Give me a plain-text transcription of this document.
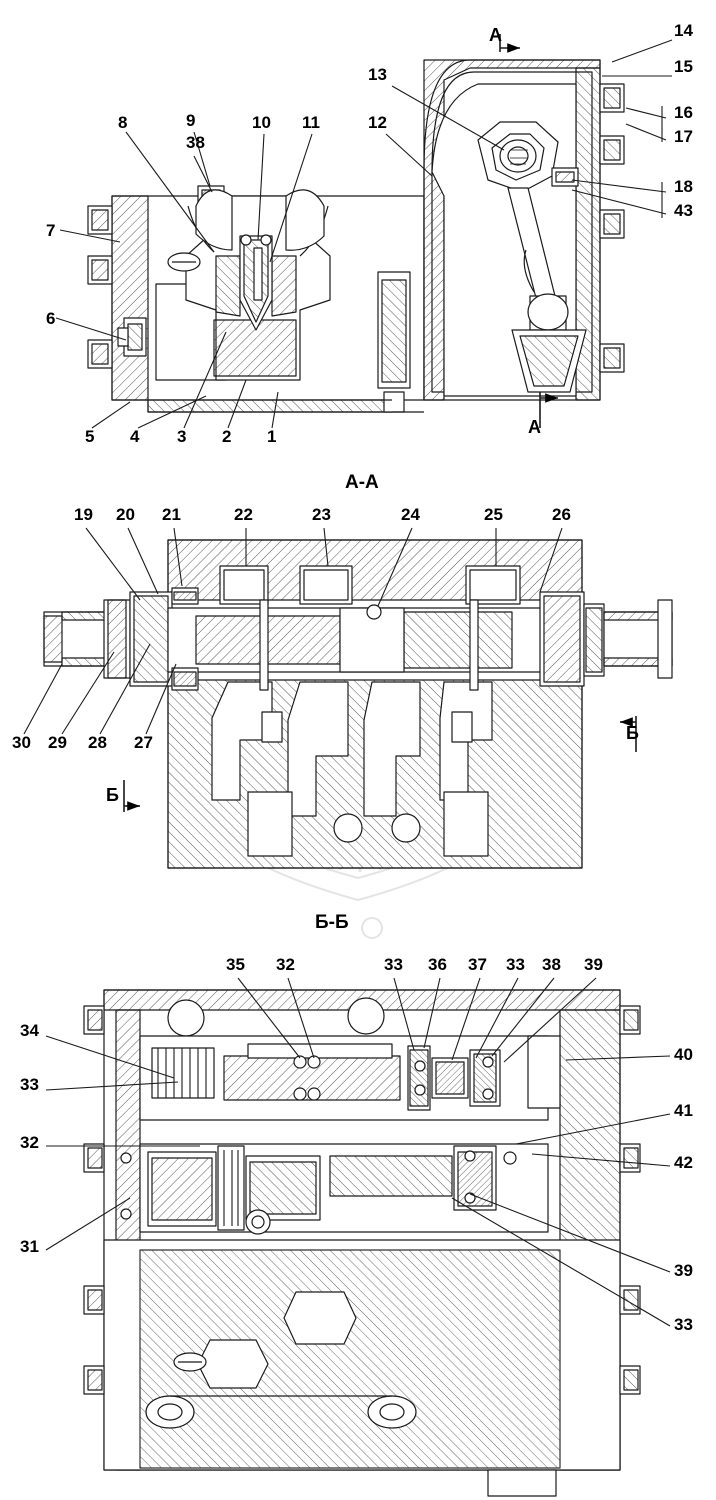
1
2
3
4
5
6
7
8	9
38
10 11	12
13
14
15
16
17
18
43
19 20 21	22	23	24	25	26
27
28
29
30
31
32
33
34
35 32	33 36 37 33 38 39
40
41
42
39
33
А-А
Б-Б
A
A
Б
Б
